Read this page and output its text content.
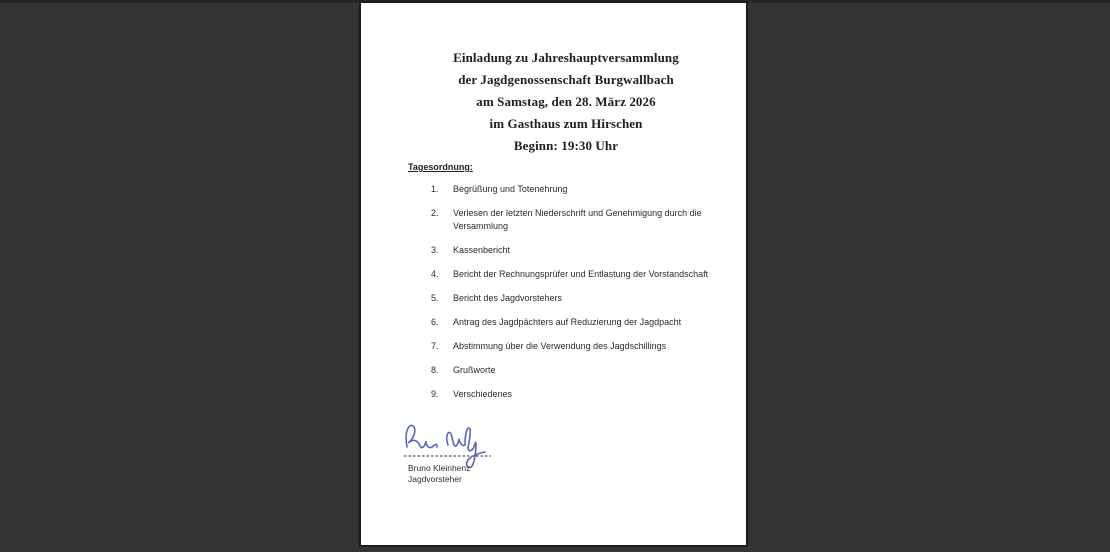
Einladung zu Jahreshauptversammlung
der Jagdgenossenschaft Burgwallbach
am Samstag, den 28. März 2026
im Gasthaus zum Hirschen
Beginn: 19:30 Uhr
Tagesordnung:
Begrüßung und Totenehrung
Verlesen der letzten Niederschrift und Genehmigung durch die Versammlung
Kassenbericht
Bericht der Rechnungsprüfer und Entlastung der Vorstandschaft
Bericht des Jagdvorstehers
Antrag des Jagdpächters auf Reduzierung der Jagdpacht
Abstimmung über die Verwendung des Jagdschillings
Grußworte
Verschiedenes
Bruno Kleinhenz
Jagdvorsteher
